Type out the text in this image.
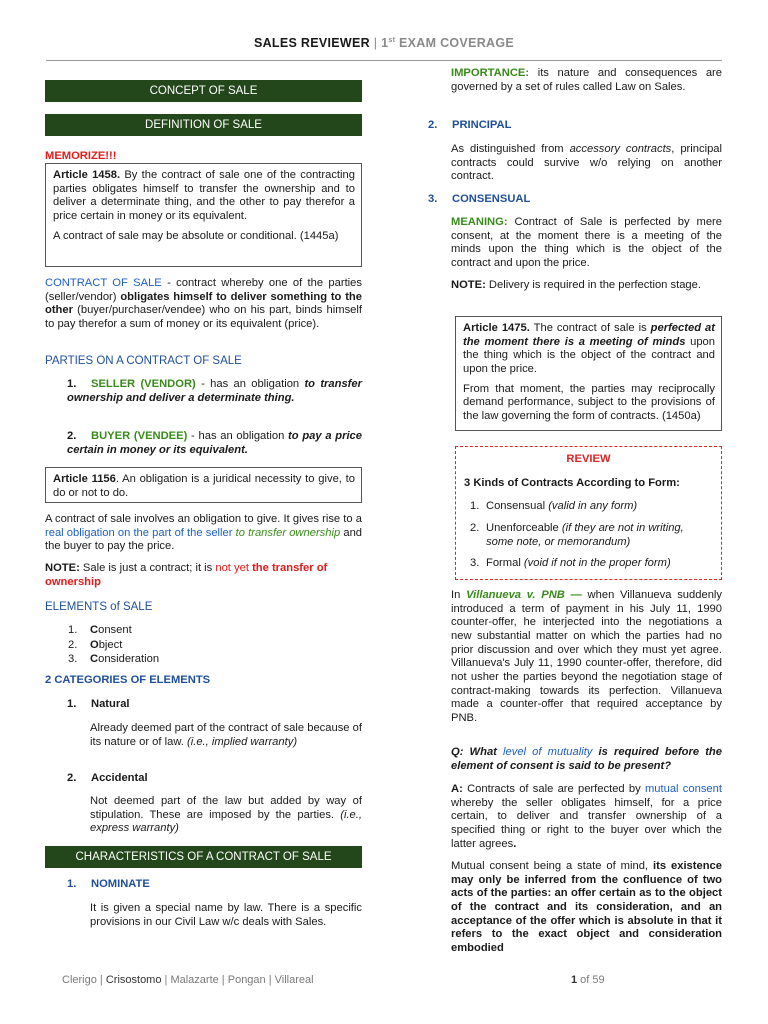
SALES REVIEWER | 1st EXAM COVERAGE
CONCEPT OF SALE
DEFINITION OF SALE
MEMORIZE!!!

Article 1458. By the contract of sale one of the contracting parties obligates himself to transfer the ownership and to deliver a determinate thing, and the other to pay therefor a price certain in money or its equivalent.

A contract of sale may be absolute or conditional. (1445a)

CONTRACT OF SALE - contract whereby one of the parties (seller/vendor) obligates himself to deliver something to the other (buyer/purchaser/vendee) who on his part, binds himself to pay therefor a sum of money or its equivalent (price).
PARTIES ON A CONTRACT OF SALE
1. SELLER (VENDOR) - has an obligation to transfer ownership and deliver a determinate thing.
2. BUYER (VENDEE) - has an obligation to pay a price certain in money or its equivalent.
Article 1156. An obligation is a juridical necessity to give, to do or not to do.
A contract of sale involves an obligation to give. It gives rise to a real obligation on the part of the seller to transfer ownership and the buyer to pay the price.
NOTE: Sale is just a contract; it is not yet the transfer of ownership
ELEMENTS of SALE
1. Consent
2. Object
3. Consideration
2 CATEGORIES OF ELEMENTS
1. Natural
Already deemed part of the contract of sale because of its nature or of law. (i.e., implied warranty)
2. Accidental
Not deemed part of the law but added by way of stipulation. These are imposed by the parties. (i.e., express warranty)
CHARACTERISTICS OF A CONTRACT OF SALE
1. NOMINATE
It is given a special name by law. There is a specific provisions in our Civil Law w/c deals with Sales.
IMPORTANCE: its nature and consequences are governed by a set of rules called Law on Sales.
2. PRINCIPAL
As distinguished from accessory contracts, principal contracts could survive w/o relying on another contract.
3. CONSENSUAL
MEANING: Contract of Sale is perfected by mere consent, at the moment there is a meeting of the minds upon the thing which is the object of the contract and upon the price.
NOTE: Delivery is required in the perfection stage.

Article 1475. The contract of sale is perfected at the moment there is a meeting of minds upon the thing which is the object of the contract and upon the price.

From that moment, the parties may reciprocally demand performance, subject to the provisions of the law governing the form of contracts. (1450a)

REVIEW
3 Kinds of Contracts According to Form:
1. Consensual (valid in any form)
2. Unenforceable (if they are not in writing, some note, or memorandum)
3. Formal (void if not in the proper form)
In Villanueva v. PNB — when Villanueva suddenly introduced a term of payment in his July 11, 1990 counter-offer, he interjected into the negotiations a new substantial matter on which the parties had no prior discussion and over which they must yet agree. Villanueva's July 11, 1990 counter-offer, therefore, did not usher the parties beyond the negotiation stage of contract-making towards its perfection. Villanueva made a counter-offer that required acceptance by PNB.
Q: What level of mutuality is required before the element of consent is said to be present?
A: Contracts of sale are perfected by mutual consent whereby the seller obligates himself, for a price certain, to deliver and transfer ownership of a specified thing or right to the buyer over which the latter agrees.
Mutual consent being a state of mind, its existence may only be inferred from the confluence of two acts of the parties: an offer certain as to the object of the contract and its consideration, and an acceptance of the offer which is absolute in that it refers to the exact object and consideration embodied
Clerigo | Crisostomo | Malazarte | Pongan | Villareal	1 of 59
